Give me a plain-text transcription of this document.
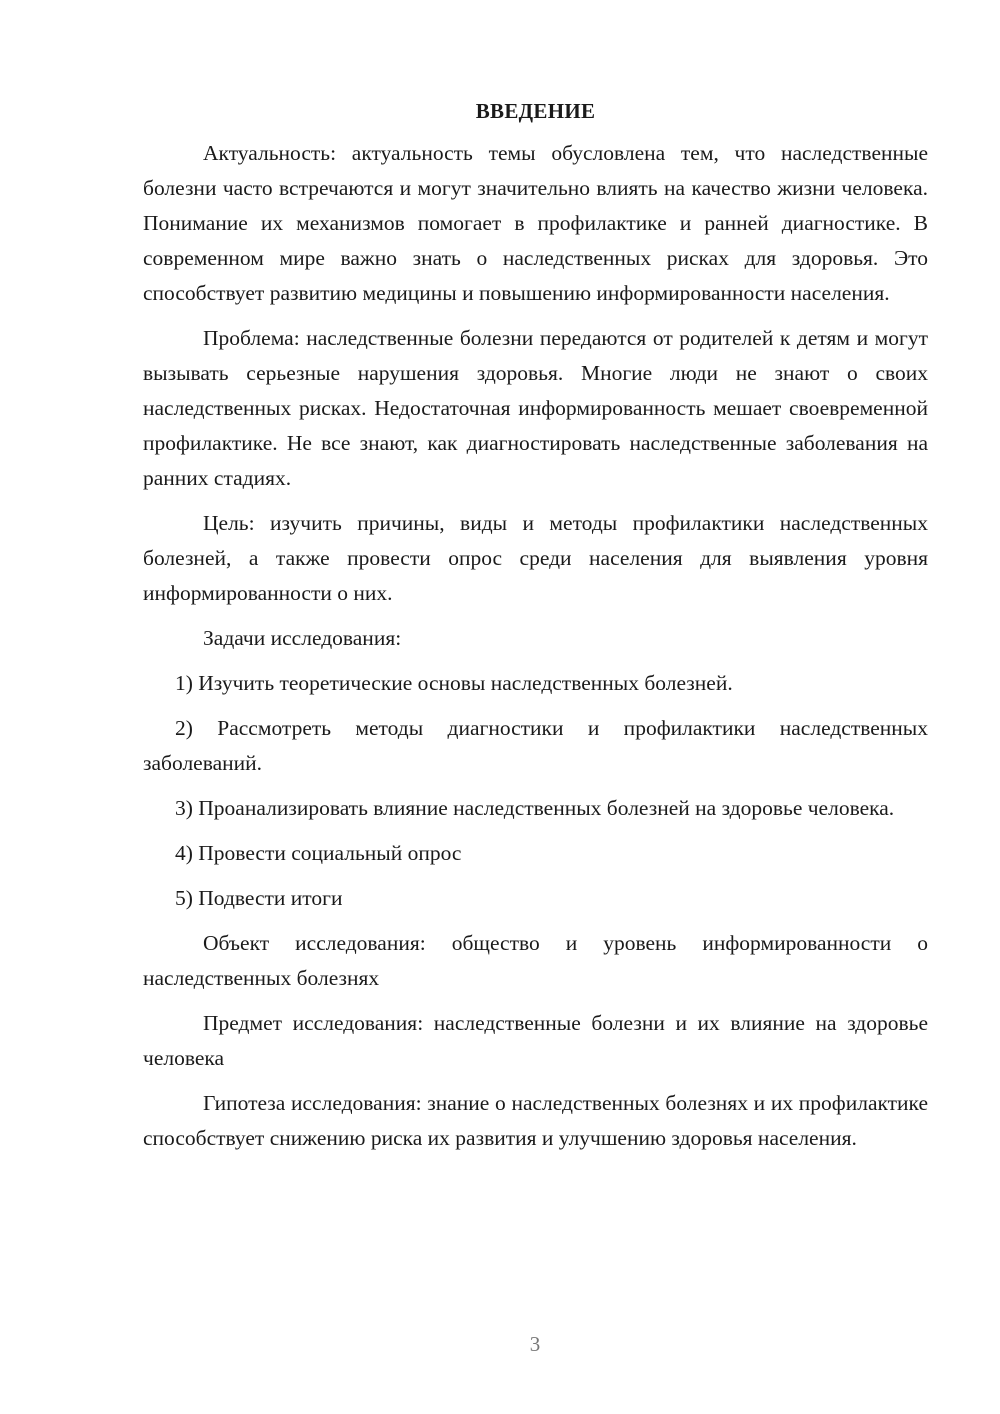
ВВЕДЕНИЕ

Актуальность: актуальность темы обусловлена тем, что наследственные болезни часто встречаются и могут значительно влиять на качество жизни человека. Понимание их механизмов помогает в профилактике и ранней диагностике. В современном мире важно знать о наследственных рисках для здоровья. Это способствует развитию медицины и повышению информированности населения.

Проблема: наследственные болезни передаются от родителей к детям и могут вызывать серьезные нарушения здоровья. Многие люди не знают о своих наследственных рисках. Недостаточная информированность мешает своевременной профилактике. Не все знают, как диагностировать наследственные заболевания на ранних стадиях.

Цель: изучить причины, виды и методы профилактики наследственных болезней, а также провести опрос среди населения для выявления уровня информированности о них.

Задачи исследования:

1) Изучить теоретические основы наследственных болезней.

2) Рассмотреть методы диагностики и профилактики наследственных заболеваний.

3) Проанализировать влияние наследственных болезней на здоровье человека.

4) Провести социальный опрос

5) Подвести итоги

Объект исследования: общество и уровень информированности о наследственных болезнях

Предмет исследования: наследственные болезни и их влияние на здоровье человека

Гипотеза исследования: знание о наследственных болезнях и их профилактике способствует снижению риска их развития и улучшению здоровья населения.

3
